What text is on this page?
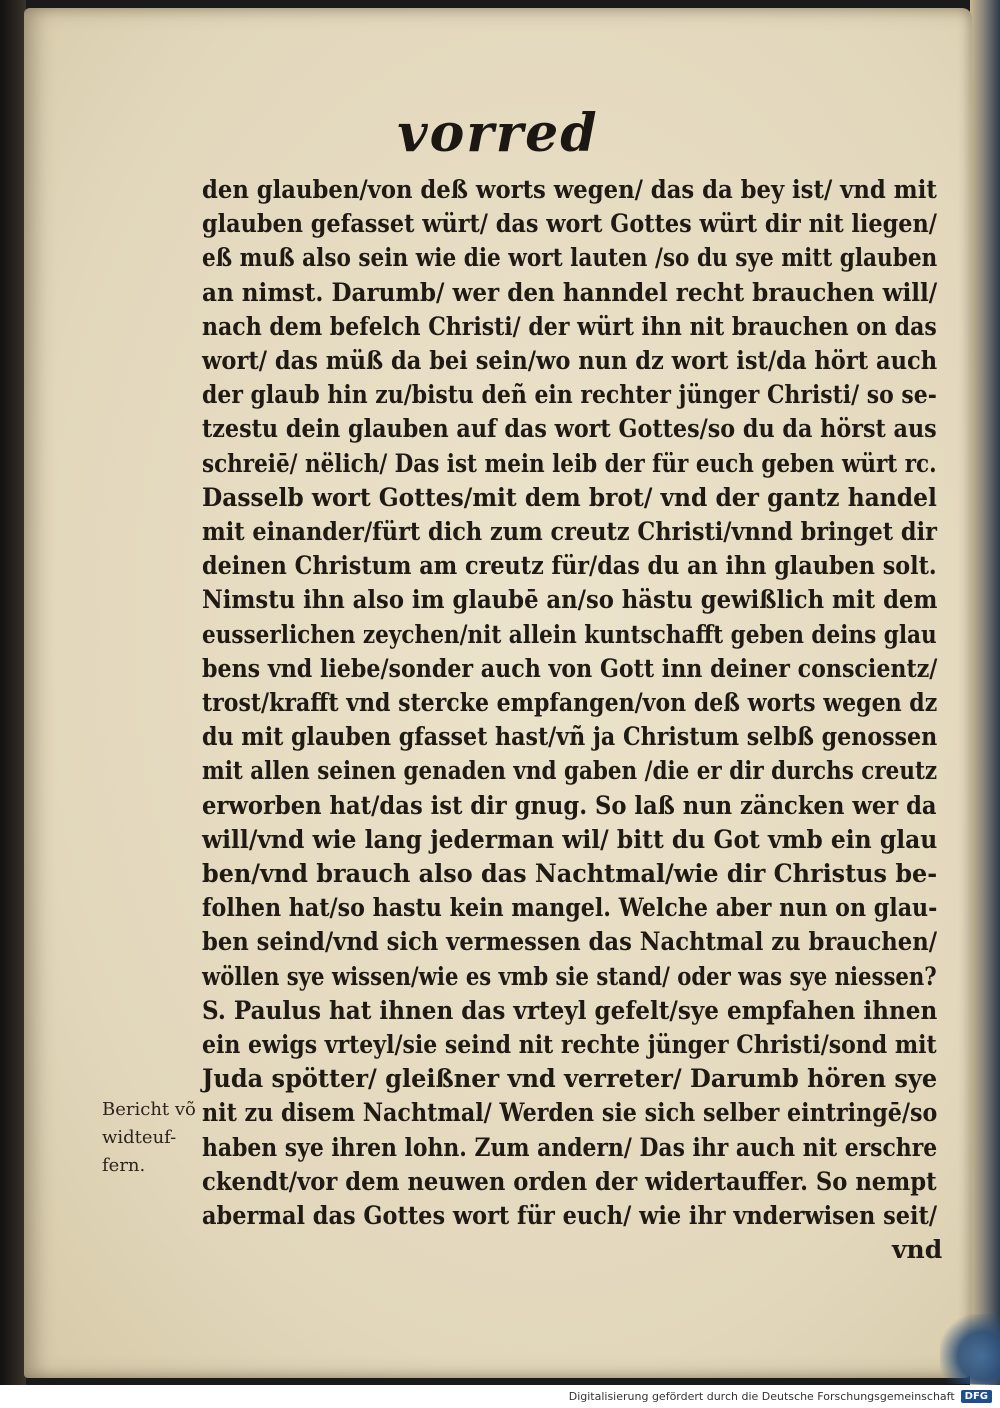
vorred
den glauben/von deß worts wegen/ das da bey ist/ vnd mit
glauben gefasset würt/ das wort Gottes würt dir nit liegen/
eß muß also sein wie die wort lauten /so du sye mitt glauben
an nimst. Darumb/ wer den hanndel recht brauchen will/
nach dem befelch Christi/ der würt ihn nit brauchen on das
wort/ das müß da bei sein/wo nun dz wort ist/da hört auch
der glaub hin zu/bistu deñ ein rechter jünger Christi/ so se-
tzestu dein glauben auf das wort Gottes/so du da hörst aus
schreiē/ nëlich/ Das ist mein leib der für euch geben würt rc.
Dasselb wort Gottes/mit dem brot/ vnd der gantz handel
mit einander/fürt dich zum creutz Christi/vnnd bringet dir
deinen Christum am creutz für/das du an ihn glauben solt.
Nimstu ihn also im glaubē an/so hästu gewißlich mit dem
eusserlichen zeychen/nit allein kuntschafft geben deins glau
bens vnd liebe/sonder auch von Gott inn deiner conscientz/
trost/krafft vnd stercke empfangen/von deß worts wegen dz
du mit glauben gfasset hast/vñ ja Christum selbß genossen
mit allen seinen genaden vnd gaben /die er dir durchs creutz
erworben hat/das ist dir gnug. So laß nun zäncken wer da
will/vnd wie lang jederman wil/ bitt du Got vmb ein glau
ben/vnd brauch also das Nachtmal/wie dir Christus be-
folhen hat/so hastu kein mangel. Welche aber nun on glau-
ben seind/vnd sich vermessen das Nachtmal zu brauchen/
wöllen sye wissen/wie es vmb sie stand/ oder was sye niessen?
S. Paulus hat ihnen das vrteyl gefelt/sye empfahen ihnen
ein ewigs vrteyl/sie seind nit rechte jünger Christi/sond mit
Juda spötter/ gleißner vnd verreter/ Darumb hören sye
nit zu disem Nachtmal/ Werden sie sich selber eintringē/so
haben sye ihren lohn. Zum andern/ Das ihr auch nit erschre
ckendt/vor dem neuwen orden der widertauffer. So nempt
abermal das Gottes wort für euch/ wie ihr vnderwisen seit/
vnd
Bericht võ
widteuf-
fern.
Digitalisierung gefördert durch die Deutsche Forschungsgemeinschaft	DFG
